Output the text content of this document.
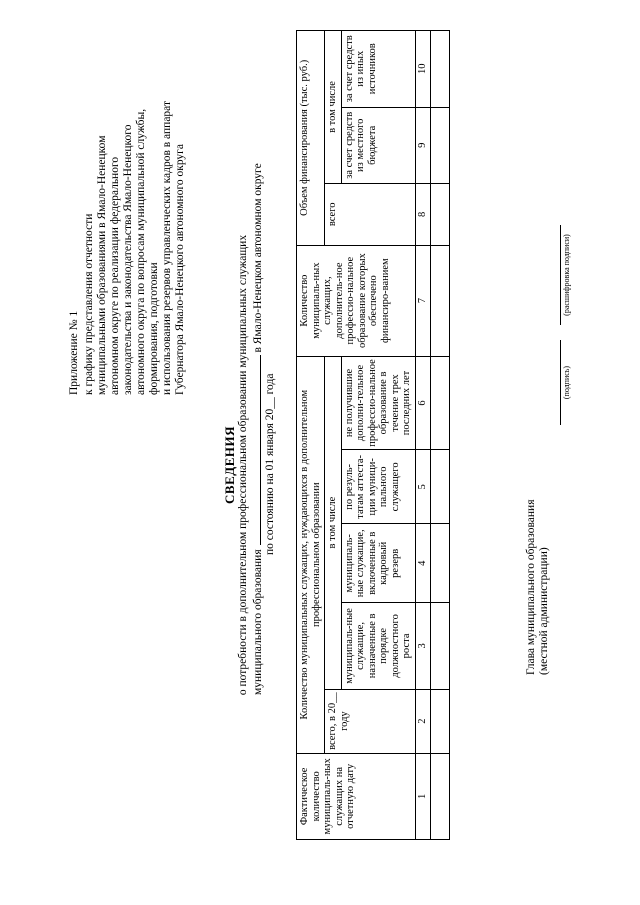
Приложение № 1 к графику представления отчетности муниципальными образованиями в Ямало-Ненецком автономном округе по реализации федерального законодательства и законодательства Ямало-Ненецкого автономного округа по вопросам муниципальной службы, формирования, подготовки и использования резервов управленческих кадров в аппарат Губернатора Ямало-Ненецкого автономного округа
СВЕДЕНИЯ о потребности в дополнительном профессиональном образовании муниципальных служащих муниципального образования в Ямало-Ненецком автономном округе
по состоянию на 01 января 20__ года
Фактическое количество муниципаль-ных служащих на отчетную дату	Количество муниципальных служащих, нуждающихся в дополнительном профессиональном образовании					Количество муниципаль-ных служащих, дополнитель-ное профессио-нальное образование которых обеспечено финансиро-ванием	Объем финансирования (тыс. руб.)		
	всего, в 20__ году	в том числе					всего	в том числе	
		муниципаль-ные служащие, назначенные в порядке должностного роста	муниципаль-ные служащие, включенные в кадровый резерв	по резуль-татам аттеста-ции муници-пального служащего	не получившие дополни-тельное профессио-нальное образование в течение трех последних лет			за счет средств из местного бюджета	за счет средств из иных источников
1	2	3	4	5	6	7	8	9	10

Глава муниципального образования (местной администрации)
(подпись)
(расшифровка подписи)
